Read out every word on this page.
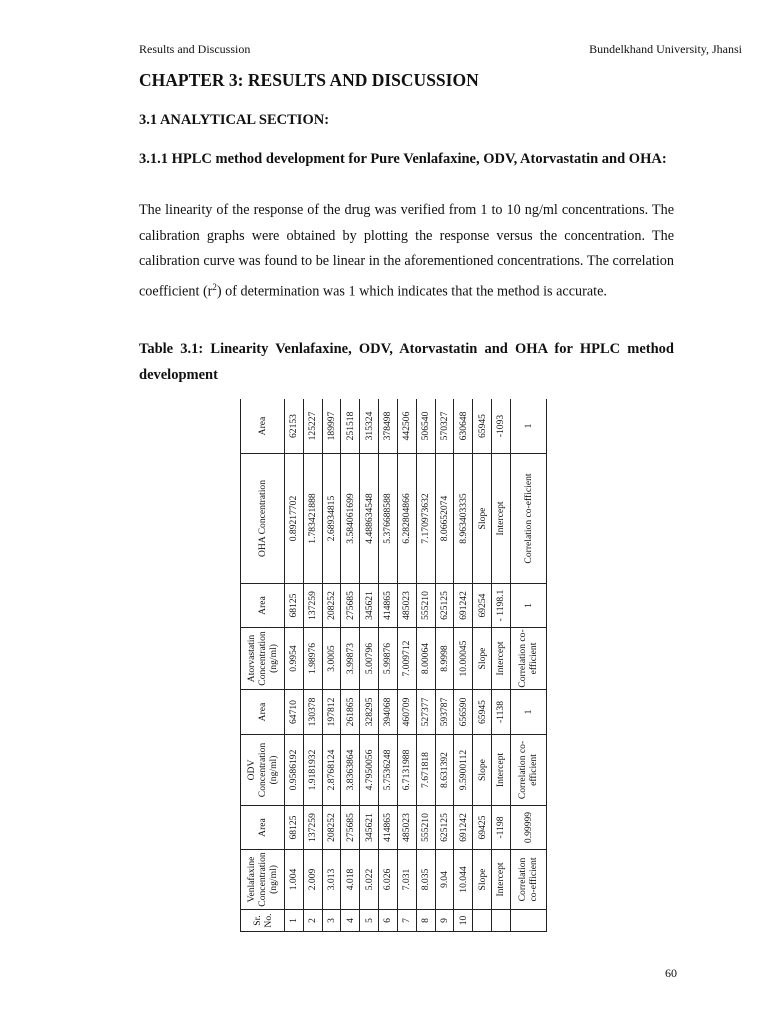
Results and Discussion	Bundelkhand University, Jhansi
CHAPTER 3: RESULTS AND DISCUSSION
3.1 ANALYTICAL SECTION:
3.1.1 HPLC method development for Pure Venlafaxine, ODV, Atorvastatin and OHA:

The linearity of the response of the drug was verified from 1 to 10 ng/ml concentrations. The calibration graphs were obtained by plotting the response versus the concentration. The calibration curve was found to be linear in the aforementioned concentrations. The correlation coefficient $(r^2)$ of determination was 1 which indicates that the method is accurate.

Table 3.1: Linearity Venlafaxine, ODV, Atorvastatin and OHA for HPLC method development

Sr. No.	Venlafaxine Concentration (ng/ml)	Area	ODV Concentration (ng/ml)	Area	Atorvastatin Concentration (ng/ml)	Area	OHA Concentration	Area
1	1.004	68125	0.9586192	64710	0.9954	68125	0.89217702	62153
2	2.009	137259	1.9181932	130378	1.98976	137259	1.783421888	125227
3	3.013	208252	2.8768124	197812	3.0005	208252	2.68934815	189997
4	4.018	275685	3.8363864	261865	3.99873	275685	3.584061699	251518
5	5.022	345621	4.7950056	328295	5.00796	345621	4.488634548	315324
6	6.026	414865	5.7536248	394068	5.99876	414865	5.376688588	378498
7	7.031	485023	6.7131988	460709	7.009712	485023	6.282804866	442506
8	8.035	555210	7.671818	527377	8.00064	555210	7.170973632	506540
9	9.04	625125	8.631392	593787	8.9998	625125	8.06652074	570327
10	10.044	691242	9.5900112	656590	10.00045	691242	8.963403335	630648
	Slope	69425	Slope	65945	Slope	69254	Slope	65945
	Intercept	-1198	Intercept	-1138	Intercept	- 1198.1	Intercept	-1093
	Correlation co-efficient	0.99999	Correlation co-efficient	1	Correlation co-efficient	1	Correlation co-efficient	1
60
